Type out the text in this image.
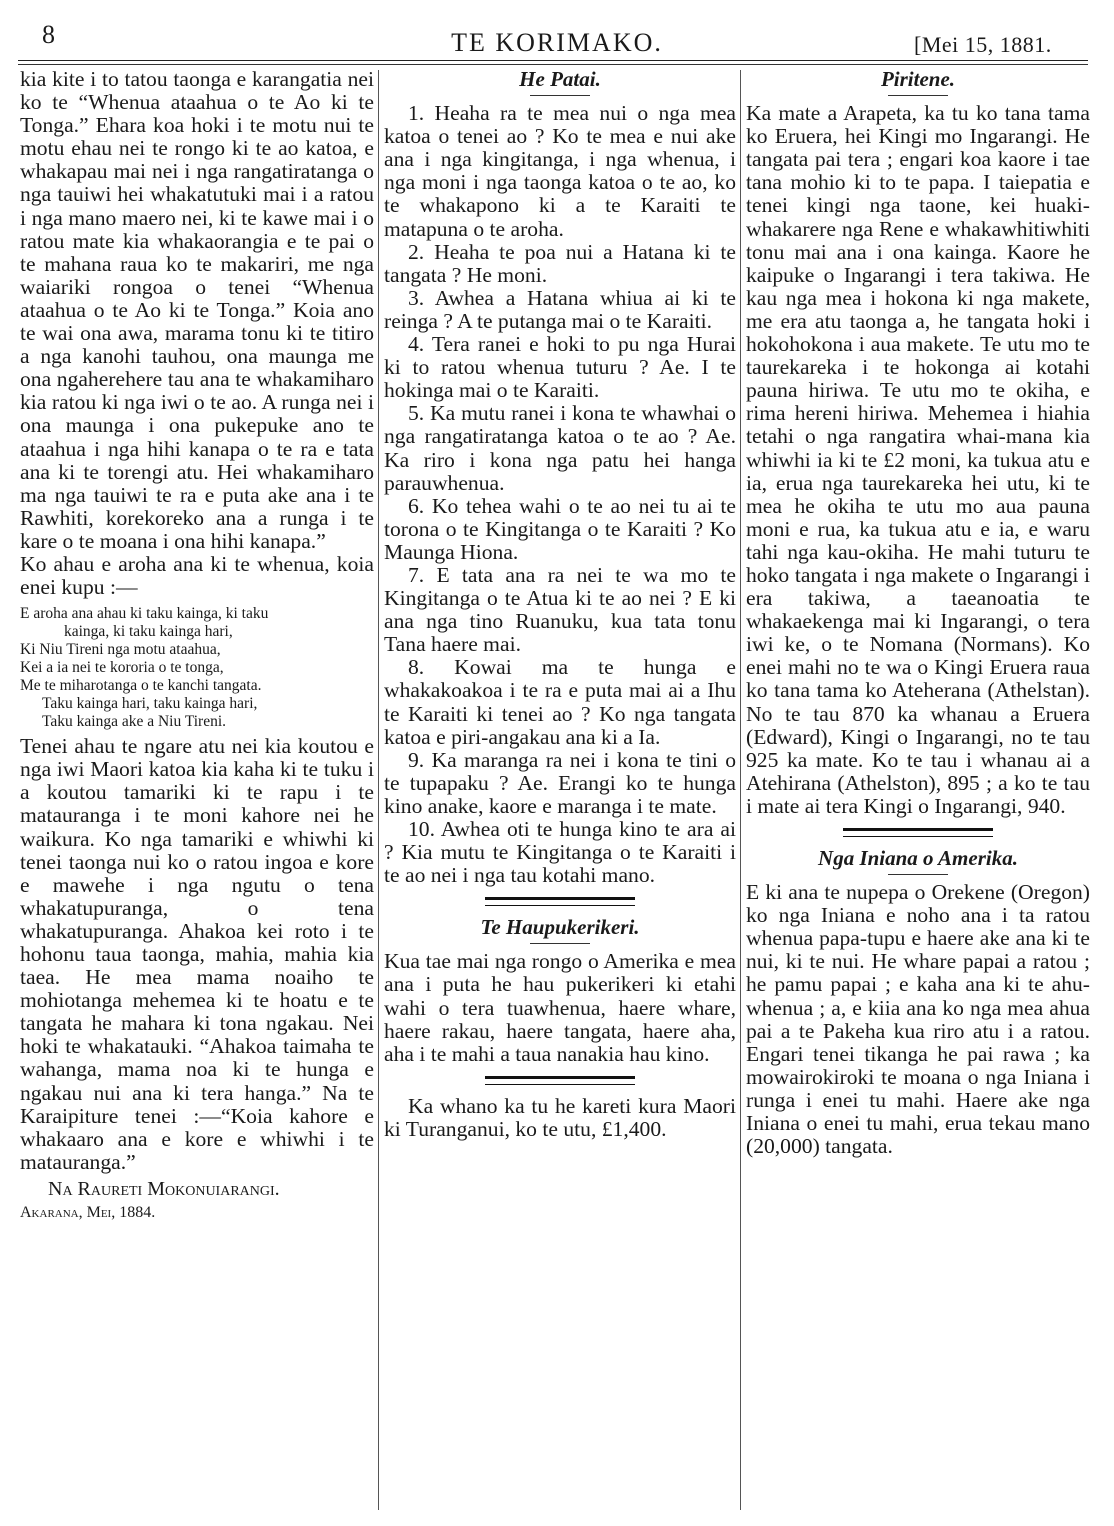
8	TE KORIMAKO.	[Mei 15, 1881.

kia kite i to tatou taonga e karangatia nei ko te “Whenua ataahua o te Ao ki te Tonga.” Ehara koa hoki i te motu nui te motu ehau nei te rongo ki te ao katoa, e whakapau mai nei i nga rangatiratanga o nga tauiwi hei whakatutuki mai i a ratou i nga mano maero nei, ki te kawe mai i o ratou mate kia whakaorangia e te pai o te mahana raua ko te makariri, me nga waiariki rongoa o tenei “Whenua ataahua o te Ao ki te Tonga.” Koia ano te wai ona awa, marama tonu ki te titiro a nga kanohi tauhou, ona maunga me ona ngaherehere tau ana te whakamiharo kia ratou ki nga iwi o te ao. A runga nei i ona maunga i ona pukepuke ano te ataahua i nga hihi kanapa o te ra e tata ana ki te torengi atu. Hei whakamiharo ma nga tauiwi te ra e puta ake ana i te Rawhiti, korekoreko ana a runga i te kare o te moana i ona hihi kanapa.”

Ko ahau e aroha ana ki te whenua, koia enei kupu :—

E aroha ana ahau ki taku kainga, ki taku
kainga, ki taku kainga hari,
Ki Niu Tireni nga motu ataahua,
Kei a ia nei te kororia o te tonga,
Me te miharotanga o te kanchi tangata.
Taku kainga hari, taku kainga hari,
Taku kainga ake a Niu Tireni.

Tenei ahau te ngare atu nei kia koutou e nga iwi Maori katoa kia kaha ki te tuku i a koutou tamariki ki te rapu i te matauranga i te moni kahore nei he waikura. Ko nga tamariki e whiwhi ki tenei taonga nui ko o ratou ingoa e kore e mawehe i nga ngutu o tena whakatupuranga, o tena whakatupuranga. Ahakoa kei roto i te hohonu taua taonga, mahia, mahia kia taea. He mea mama noaiho te mohiotanga mehemea ki te hoatu e te tangata he mahara ki tona ngakau. Nei hoki te whakatauki. “Ahakoa taimaha te wahanga, mama noa ki te hunga e ngakau nui ana ki tera hanga.” Na te Karaipiture tenei :—“Koia kahore e whakaaro ana e kore e whiwhi i te matauranga.”

Na Raureti Mokonuiarangi.

Akarana, Mei, 1884.

He Patai.

1. Heaha ra te mea nui o nga mea katoa o tenei ao ? Ko te mea e nui ake ana i nga kingitanga, i nga whenua, i nga moni i nga taonga katoa o te ao, ko te whakapono ki a te Karaiti te matapuna o te aroha.

2. Heaha te poa nui a Hatana ki te tangata ? He moni.

3. Awhea a Hatana whiua ai ki te reinga ? A te putanga mai o te Karaiti.

4. Tera ranei e hoki to pu nga Hurai ki to ratou whenua tuturu ? Ae. I te hokinga mai o te Karaiti.

5. Ka mutu ranei i kona te whawhai o nga rangatiratanga katoa o te ao ? Ae. Ka riro i kona nga patu hei hanga parauwhenua.

6. Ko tehea wahi o te ao nei tu ai te torona o te Kingitanga o te Karaiti ? Ko Maunga Hiona.

7. E tata ana ra nei te wa mo te Kingitanga o te Atua ki te ao nei ? E ki ana nga tino Ruanuku, kua tata tonu Tana haere mai.

8. Kowai ma te hunga e whakakoakoa i te ra e puta mai ai a Ihu te Karaiti ki tenei ao ? Ko nga tangata katoa e piri-angakau ana ki a Ia.

9. Ka maranga ra nei i kona te tini o te tupapaku ? Ae. Erangi ko te hunga kino anake, kaore e maranga i te mate.

10. Awhea oti te hunga kino te ara ai ? Kia mutu te Kingitanga o te Karaiti i te ao nei i nga tau kotahi mano.

Te Haupukerikeri.

Kua tae mai nga rongo o Amerika e mea ana i puta he hau pukerikeri ki etahi wahi o tera tuawhenua, haere whare, haere rakau, haere tangata, haere aha, aha i te mahi a taua nanakia hau kino.

Ka whano ka tu he kareti kura Maori ki Turanganui, ko te utu, £1,400.

Piritene.

Ka mate a Arapeta, ka tu ko tana tama ko Eruera, hei Kingi mo Ingarangi. He tangata pai tera ; engari koa kaore i tae tana mohio ki to te papa. I taiepatia e tenei kingi nga taone, kei huaki-whakarere nga Rene e whakawhitiwhiti tonu mai ana i ona kainga. Kaore he kaipuke o Ingarangi i tera takiwa. He kau nga mea i hokona ki nga makete, me era atu taonga a, he tangata hoki i hokohokona i aua makete. Te utu mo te taurekareka i te hokonga ai kotahi pauna hiriwa. Te utu mo te okiha, e rima hereni hiriwa. Mehemea i hiahia tetahi o nga rangatira whai-mana kia whiwhi ia ki te £2 moni, ka tukua atu e ia, erua nga taurekareka hei utu, ki te mea he okiha te utu mo aua pauna moni e rua, ka tukua atu e ia, e waru tahi nga kau-okiha. He mahi tuturu te hoko tangata i nga makete o Ingarangi i era takiwa, a taeanoatia te whakaekenga mai ki Ingarangi, o tera iwi ke, o te Nomana (Normans). Ko enei mahi no te wa o Kingi Eruera raua ko tana tama ko Ateherana (Athelstan). No te tau 870 ka whanau a Eruera (Edward), Kingi o Ingarangi, no te tau 925 ka mate. Ko te tau i whanau ai a Atehirana (Athelston), 895 ; a ko te tau i mate ai tera Kingi o Ingarangi, 940.

Nga Iniana o Amerika.

E ki ana te nupepa o Orekene (Oregon) ko nga Iniana e noho ana i ta ratou whenua papa-tupu e haere ake ana ki te nui, ki te nui. He whare papai a ratou ; he pamu papai ; e kaha ana ki te ahu-whenua ; a, e kiia ana ko nga mea ahua pai a te Pakeha kua riro atu i a ratou. Engari tenei tikanga he pai rawa ; ka mowairokiroki te moana o nga Iniana i runga i enei tu mahi. Haere ake nga Iniana o enei tu mahi, erua tekau mano (20,000) tangata.
